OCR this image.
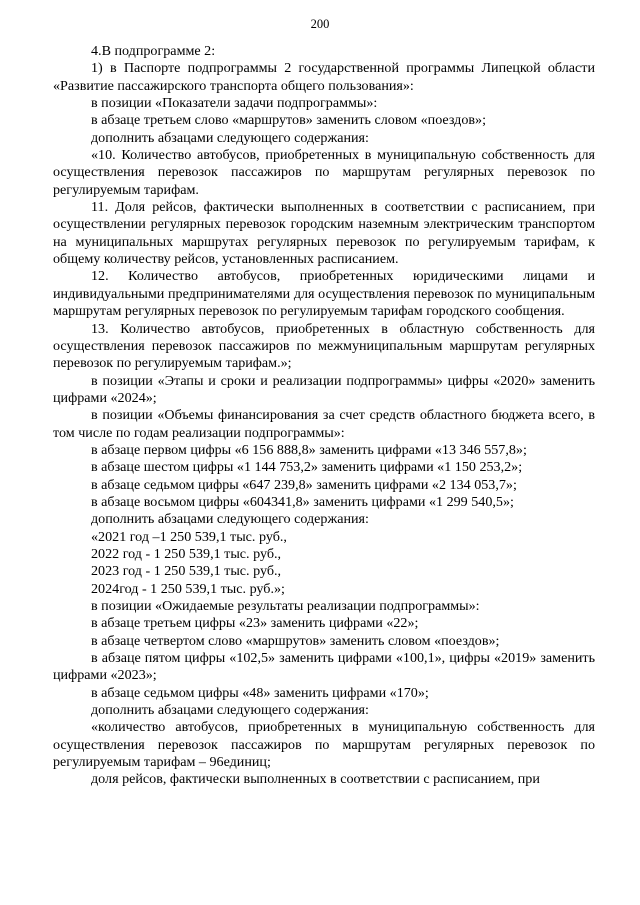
200

4.В подпрограмме 2:

1) в Паспорте подпрограммы 2 государственной программы Липецкой области «Развитие пассажирского транспорта общего пользования»:

в позиции «Показатели задачи подпрограммы»:

в абзаце третьем слово «маршрутов» заменить словом «поездов»;

дополнить абзацами следующего содержания:

«10. Количество автобусов, приобретенных в муниципальную собственность для осуществления перевозок пассажиров по маршрутам регулярных перевозок по регулируемым тарифам.

11. Доля рейсов, фактически выполненных в соответствии с расписанием, при осуществлении регулярных перевозок городским наземным электрическим транспортом на муниципальных маршрутах регулярных перевозок по регулируемым тарифам, к общему количеству рейсов, установленных расписанием.

12. Количество автобусов, приобретенных юридическими лицами и индивидуальными предпринимателями для осуществления перевозок по муниципальным маршрутам регулярных перевозок по регулируемым тарифам городского сообщения.

13. Количество автобусов, приобретенных в областную собственность для осуществления перевозок пассажиров по межмуниципальным маршрутам регулярных перевозок по регулируемым тарифам.»;

в позиции «Этапы и сроки и реализации подпрограммы» цифры «2020» заменить цифрами «2024»;

в позиции «Объемы финансирования за счет средств областного бюджета всего, в том числе по годам реализации подпрограммы»:

в абзаце первом цифры «6 156 888,8» заменить цифрами «13 346 557,8»;

в абзаце шестом цифры «1 144 753,2» заменить цифрами «1 150 253,2»;

в абзаце седьмом цифры «647 239,8» заменить цифрами «2 134 053,7»;

в абзаце восьмом цифры «604341,8» заменить цифрами «1 299 540,5»;

дополнить абзацами следующего содержания:

«2021 год –1 250 539,1 тыс. руб.,

2022 год - 1 250 539,1 тыс. руб.,

2023 год - 1 250 539,1 тыс. руб.,

2024год - 1 250 539,1 тыс. руб.»;

в позиции «Ожидаемые результаты реализации подпрограммы»:

в абзаце третьем цифры «23» заменить цифрами «22»;

в абзаце четвертом слово «маршрутов» заменить словом «поездов»;

в абзаце пятом цифры «102,5» заменить цифрами «100,1», цифры «2019» заменить цифрами «2023»;

в абзаце седьмом цифры «48» заменить цифрами «170»;

дополнить абзацами следующего содержания:

«количество автобусов, приобретенных в муниципальную собственность для осуществления перевозок пассажиров по маршрутам регулярных перевозок по регулируемым тарифам – 96единиц;

доля рейсов, фактически выполненных в соответствии с расписанием, при
